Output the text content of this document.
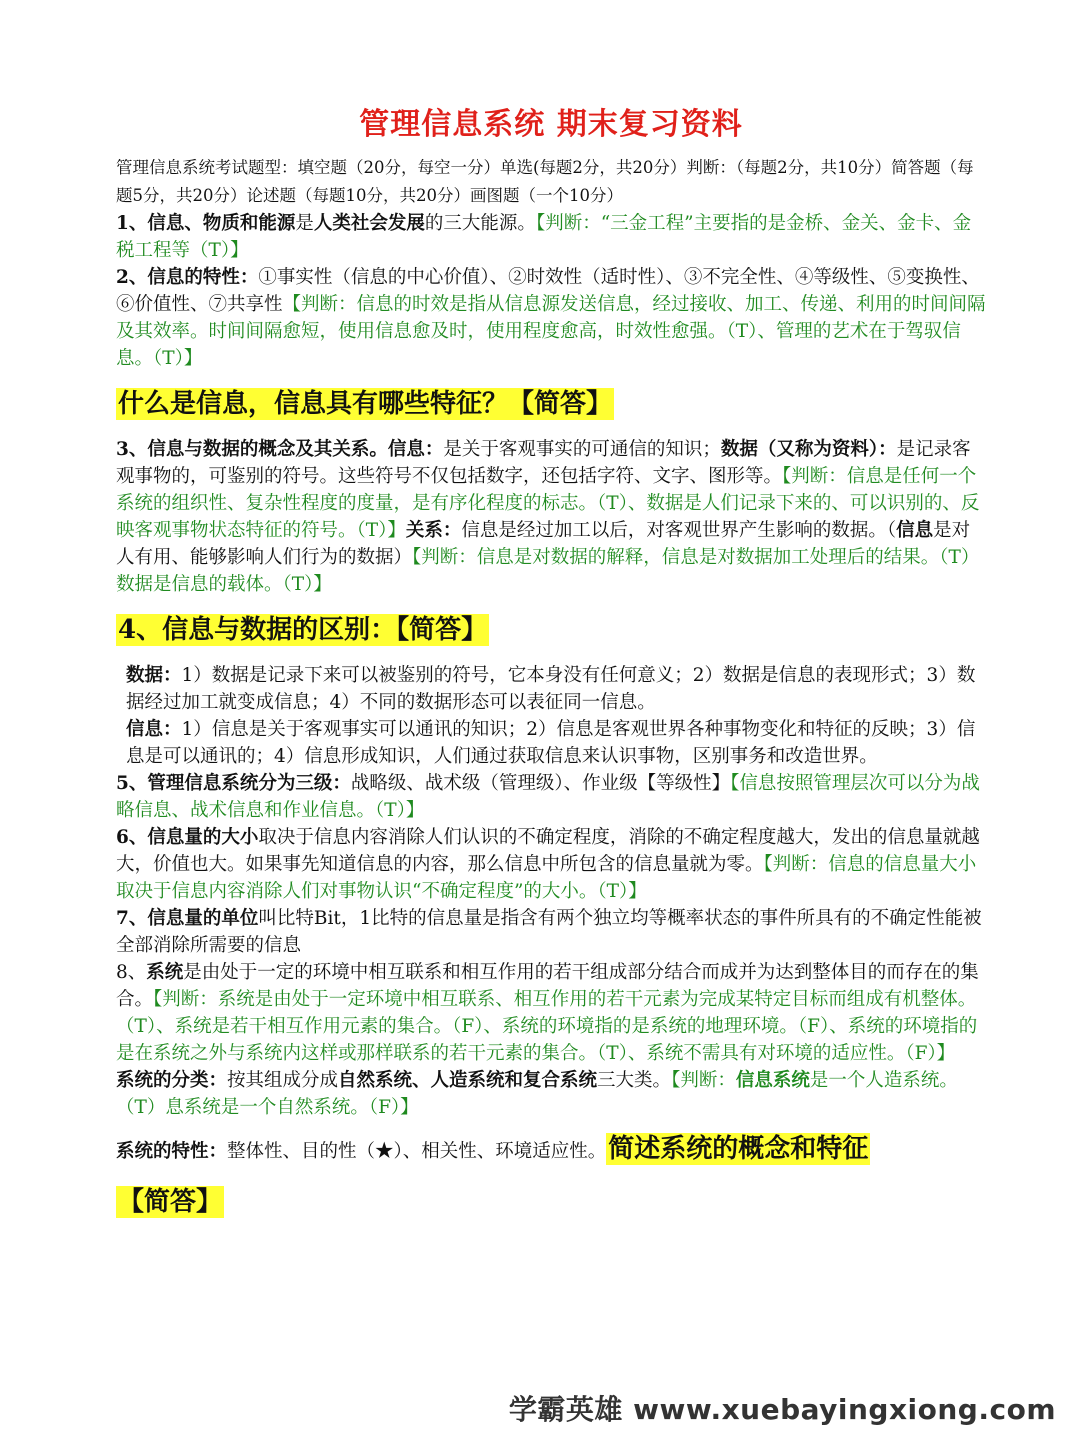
管理信息系统 期末复习资料

管理信息系统考试题型：填空题（20分，每空一分）单选(每题2分，共20分）判断：（每题2分，共10分）简答题（每题5分，共20分）论述题（每题10分，共20分）画图题（一个10分）

1、信息、物质和能源是人类社会发展的三大能源。【判断：“三金工程”主要指的是金桥、金关、金卡、金税工程等（T）】

2、信息的特性：①事实性（信息的中心价值）、②时效性（适时性）、③不完全性、④等级性、⑤变换性、⑥价值性、⑦共享性【判断：信息的时效是指从信息源发送信息，经过接收、加工、传递、利用的时间间隔及其效率。时间间隔愈短，使用信息愈及时，使用程度愈高，时效性愈强。（T）、管理的艺术在于驾驭信息。（T）】

什么是信息，信息具有哪些特征？【简答】

3、信息与数据的概念及其关系。信息：是关于客观事实的可通信的知识；数据（又称为资料）：是记录客观事物的，可鉴别的符号。这些符号不仅包括数字，还包括字符、文字、图形等。【判断：信息是任何一个系统的组织性、复杂性程度的度量，是有序化程度的标志。（T）、数据是人们记录下来的、可以识别的、反映客观事物状态特征的符号。（T）】关系：信息是经过加工以后，对客观世界产生影响的数据。（信息是对人有用、能够影响人们行为的数据）【判断：信息是对数据的解释，信息是对数据加工处理后的结果。（T）数据是信息的载体。（T）】

4、信息与数据的区别：【简答】

数据：1）数据是记录下来可以被鉴别的符号，它本身没有任何意义；2）数据是信息的表现形式；3）数据经过加工就变成信息；4）不同的数据形态可以表征同一信息。

信息：1）信息是关于客观事实可以通讯的知识；2）信息是客观世界各种事物变化和特征的反映；3）信息是可以通讯的；4）信息形成知识，人们通过获取信息来认识事物，区别事务和改造世界。

5、管理信息系统分为三级：战略级、战术级（管理级）、作业级【等级性】【信息按照管理层次可以分为战略信息、战术信息和作业信息。（T）】

6、信息量的大小取决于信息内容消除人们认识的不确定程度，消除的不确定程度越大，发出的信息量就越大，价值也大。如果事先知道信息的内容，那么信息中所包含的信息量就为零。【判断：信息的信息量大小取决于信息内容消除人们对事物认识“不确定程度”的大小。（T）】

7、信息量的单位叫比特Bit，1比特的信息量是指含有两个独立均等概率状态的事件所具有的不确定性能被全部消除所需要的信息

8、系统是由处于一定的环境中相互联系和相互作用的若干组成部分结合而成并为达到整体目的而存在的集合。【判断：系统是由处于一定环境中相互联系、相互作用的若干元素为完成某特定目标而组成有机整体。（T）、系统是若干相互作用元素的集合。（F）、系统的环境指的是系统的地理环境。（F）、系统的环境指的是在系统之外与系统内这样或那样联系的若干元素的集合。（T）、系统不需具有对环境的适应性。（F）】

系统的分类：按其组成分成自然系统、人造系统和复合系统三大类。【判断：信息系统是一个人造系统。（T）息系统是一个自然系统。（F）】

系统的特性：整体性、目的性（★）、相关性、环境适应性。简述系统的概念和特征

【简答】

学霸英雄 www.xuebayingxiong.com
